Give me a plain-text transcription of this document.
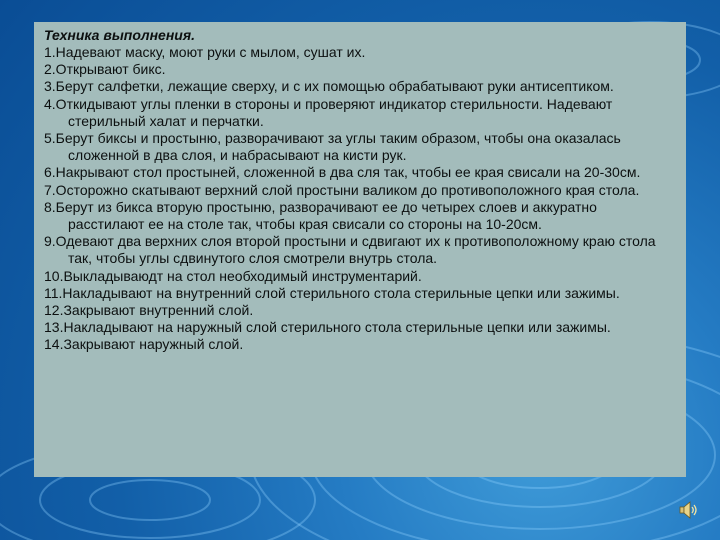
Техника выполнения.
1.Надевают маску, моют руки с мылом, сушат их.
2.Открывают бикс.
3.Берут салфетки, лежащие сверху, и с их помощью обрабатывают руки антисептиком.
4.Откидывают углы пленки в стороны и проверяют индикатор стерильности. Надевают стерильный халат и перчатки.
5.Берут биксы и простыню, разворачивают за углы таким образом, чтобы она оказалась сложенной в два слоя, и набрасывают на кисти рук.
6.Накрывают стол простыней, сложенной в два сля так, чтобы ее края свисали на 20-30см.
7.Осторожно скатывают верхний слой простыни валиком до противоположного края стола.
8.Берут из бикса вторую простыню, разворачивают ее до четырех слоев и аккуратно расстилают ее на столе так, чтобы края свисали со стороны на 10-20см.
9.Одевают два верхних слоя второй простыни и сдвигают их к противоположному краю стола так, чтобы углы сдвинутого слоя смотрели внутрь стола.
10.Выкладываюдт на стол необходимый инструментарий.
11.Накладывают на внутренний слой стерильного стола стерильные цепки или зажимы.
12.Закрывают внутренний слой.
13.Накладывают на наружный слой стерильного стола стерильные цепки или зажимы.
14.Закрывают наружный слой.
